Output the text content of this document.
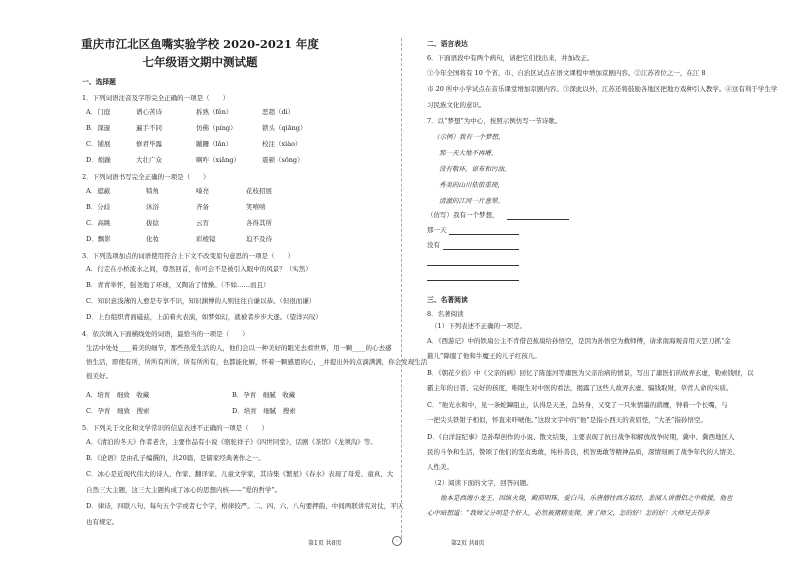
重庆市江北区鱼嘴实验学校 2020-2021 年度
七年级语文期中测试题
一、选择题
1．下列词语注音及字形完全正确的一项是（　　）
A．门庭	谱心苦诗	拆熟（fěn）	恶超（dì）
B．深邃	遍手不同	仿佛（píng）	锁头（qiāng）
C．铺展	修君毕露	蹦跚（lǎn）	校注（xiào）
D．烦躁	大壮广众	啊咋（xiǎng）	震顿（sōng）
2．下列词语书写完全正确的一项是（　　）
A．遮蔽	犄角	嗓亮	花枝招展
B．分歧	沐浴	齐备	笑嘻嘻
C．高眺	拔捻	云宵	各得其所
D．飘影	化妆	彩棱镜	迫不及待
3．下列选项加点的词语使用符合上下文不改变原句意思的一项是（　　）
A．行走在小桥流水之间，尊然回首，你可会不是被引入眼中的风景？（实然）
B．青青举怀，强尧地了环球，又陶冶了情操。（不如……而且）
C．知识意浅薄的人愈是专享不识，知识渊博的人则往往自谦以恭。（但很而谦）
D．上台组织背面磁兹，上前着火表演，如梦如幻，就被者步步大逐。（望洋兴叹）
4．依次填入下面横线处的词语，最恰当的一项是（　　）
生活中处处____着美的细节，那些热爱生活的人，他们会以一种美好的眼光去看世界，用一颗____的心去感
悟生活，即使有所，所所有所所，所有所所有，也都能化解，怀着一颗感恩的心，_并提出外的点滴满满，你会发现生活
很美好。
A．培育　细致　收藏	B．孕育　细腻　收藏
C．孕育　细致　搜索	D．培育　细腻　搜索
5．下列关于文化和文学常识的信息表述不正确的一项是（　　）
A．《清泊的冬天》作者老舍，主要作品有小说《骆驼祥子》《四世同堂》，话剧《茶馆》《龙须沟》等。
B．《论语》是由孔子编撰的，共20篇，是儒家经典著作之一。
C．冰心是近现代伟大的诗人、作家、翻译家、儿童文学家，其诗集《繁星》《春水》表现了母爱、童真、大
自然三大主题，这三大主题构成了冰心的思想内核——“爱的哲学”。
D．律诗，四联八句，每句五个字或者七个字，格律较严。二、四、六、八句要押韵，中间两联讲究对仗，平仄
也有规定。
第1页 共8页	◦
二、语言表达
6．下面语段中有两个病句，请把它们找出来，并加改正。
①今年全国将有 10 个省、市、自治区试点在语文课程中增加京剧内容。②江苏省位之一，在江 8
市 20 所中小学试点在音乐课堂增加京剧内容。③深此以外，江苏还将鼓励各地区把地方戏种引入教学。④这有利于学生学
习民族文化的意识。
7．以“梦想”为中心，按照示例仿写一节诗歌。
（示例）我有一个梦想，
那一天大地不再瘠，
没有敬环，谅布和污浊。
秀美的山川依依重现，
清澈的江河一片葱翠。
（仿写）我有一个梦想，
那一天
没有
三、名著阅读
8．名著阅读
（1）下列表述不正确的一项是。
A．《西游记》中的铁扇公主不肯借芭蕉扇给孙悟空，是因为孙悟空为救师傅，请求南海观音用天罡刀抓“金
箍儿”降服了他和牛魔王的儿子红孩儿。
B．《朝花夕拾》中《父亲的病》回忆了陈莲河等庸医为父亲治病的情景，写出了庸医们的故弄玄虚，勒索钱财，以
霸主年的日晋、完好的孩度，唯眼生对中医的看法，揭露了这些人故弄玄虚、骗钱取财，草菅人命的实质。
C．“他光水和中，见一条蛇蹿阻止，认得是天圣，急转身，又变了一只朱情墨的鹞鹰，钟着一个长嘴，与
一把尖头铁钳子相似，怀直来吓唬他。”这段文字中的“他”是指小西天的黄眉怪，“大圣”指孙悟空。
D．《白洋淀纪事》是孙犁创作的小说、散文结集，主要表现了抗日战争和解放战争时期，冀中、冀西地区人
民的斗争和生活，赞颂了他们的坚贞勇敢，纯朴善良，机智勇敢等精神品质，深情刻画了战争年代的人情美、
人性美。
（2）阅读下面的文字，回答问题。
　　他本是西海小龙王，因纵火烧，殿前明珠，爱白马，乐唐僧往西方取经，悲闻人讲僧侣之中救援，他也
心中暗想道：“我师父分明是个好人，必然被猪精变爬，害了师父，怎的好！怎的好！大师兄去得多
第2页 共8页
